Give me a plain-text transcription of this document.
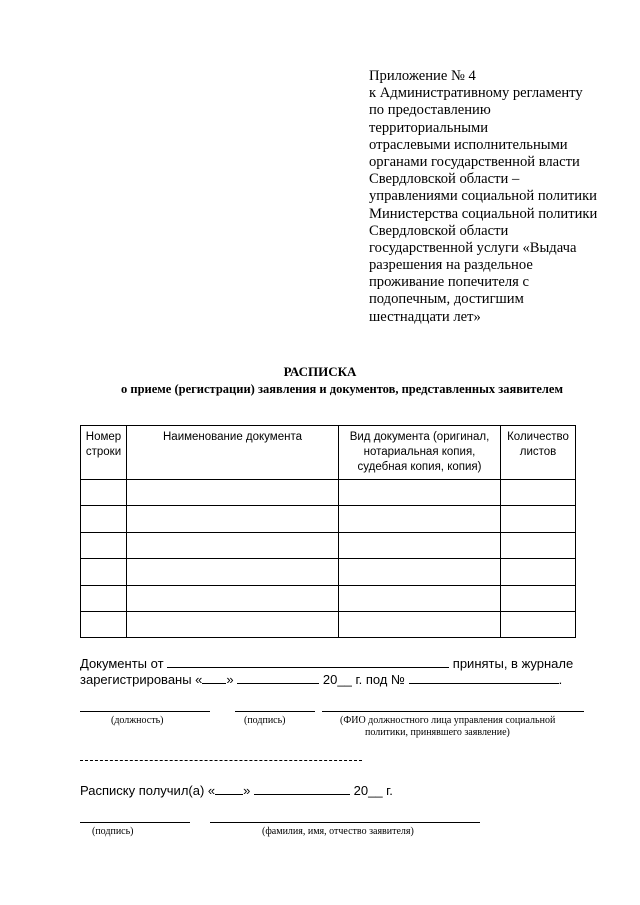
Приложение № 4
к Административному регламенту
по предоставлению
территориальными
отраслевыми исполнительными
органами государственной власти
Свердловской области –
управлениями социальной политики
Министерства социальной политики
Свердловской области
государственной услуги «Выдача
разрешения на раздельное
проживание попечителя с
подопечным, достигшим
шестнадцати лет»
РАСПИСКА
о приеме (регистрации) заявления и документов, представленных заявителем
Номер строки	Наименование документа	Вид документа (оригинал, нотариальная копия, судебная копия, копия)	Количество листов

Документы от	приняты, в журнале
зарегистрированы « »	20__ г. под №	.
(должность)	(подпись)	(ФИО должностного лица управления социальной
политики, принявшего заявление)
Расписку получил(а) « »	20__ г.
(подпись)	(фамилия, имя, отчество заявителя)
